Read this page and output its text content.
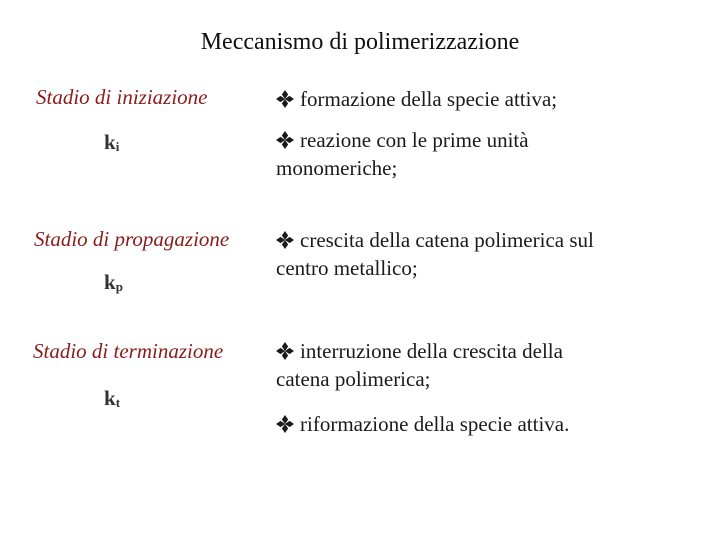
Meccanismo di polimerizzazione
Stadio di iniziazione
$k_i$
Stadio di propagazione
$k_p$
Stadio di terminazione
$k_t$
formazione della specie attiva;
reazione con le prime unità
monomeriche;
crescita della catena polimerica sul
centro metallico;
interruzione della crescita della
catena polimerica;
riformazione della specie attiva.
